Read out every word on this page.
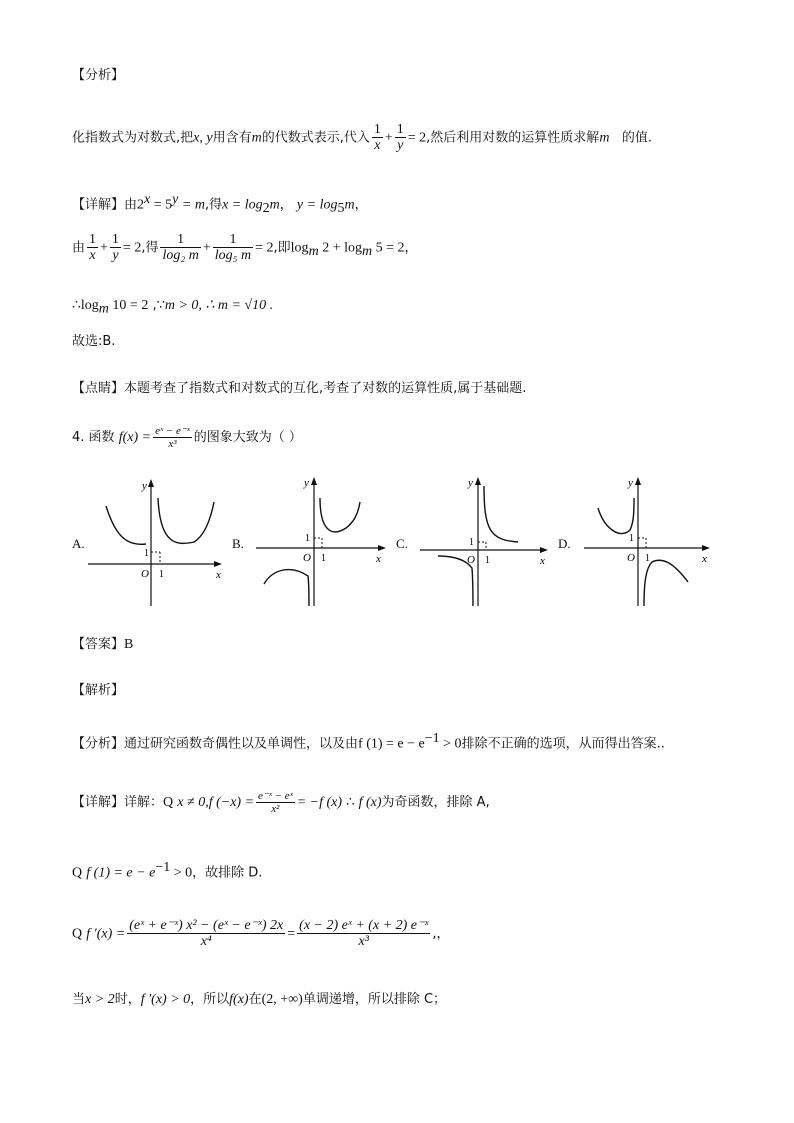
【分析】
化指数式为对数式,把x, y用含有m的代数式表示,代入 $\frac{1}{x} + \frac{1}{y} = 2$,然后利用对数的运算性质求解m 的值.
【详解】由$2^x = 5^y = m$,得$x = \log_2m$， $y = \log_5m$，
由 $\frac{1}{x} + \frac{1}{y} = 2$,得 $\frac{1}{\text{log₂ m}} + \frac{1}{\text{log₅ m}} = 2$,即$\log_m 2 + \log_m 5 = 2$，
$\therefore\log_m$ 10 = 2 ,∵m > 0, ∴ m = √10 .
故选:B.
【点睛】本题考查了指数式和对数式的互化,考查了对数的运算性质,属于基础题.
4. 函数 $f(x) = \frac{\text{eˣ − e⁻ˣ}}{\text{x³}}$ 的图象大致为（ ）
A.	B.	C.	D.
y
x
O 1
1
y
x
O 1
1
y
x
O 1
1
y
x
O 1
1
【答案】B
【解析】
【分析】通过研究函数奇偶性以及单调性，以及由f $(1) = e - e^{-1} > 0$排除不正确的选项，从而得出答案..
【详解】详解：Q x ≠ 0,f $(-x) = \frac{\text{e⁻ˣ − eˣ}}{\text{x²}} = -f$ (x) ∴ f (x)为奇函数，排除 A,
Q f $(1) = e - e^{-1} > 0$，故排除 D.
Q f $'(x) = \frac{\text{(eˣ + e⁻ˣ) x² − (eˣ − e⁻ˣ) 2x}}{\text{x⁴}} = \frac{\text{(x − 2) eˣ + (x + 2) e⁻ˣ}}{\text{x³}}$ ,，
当x > 2时，f ′(x) > 0，所以f(x)在(2, +∞)单调递增，所以排除 C；
